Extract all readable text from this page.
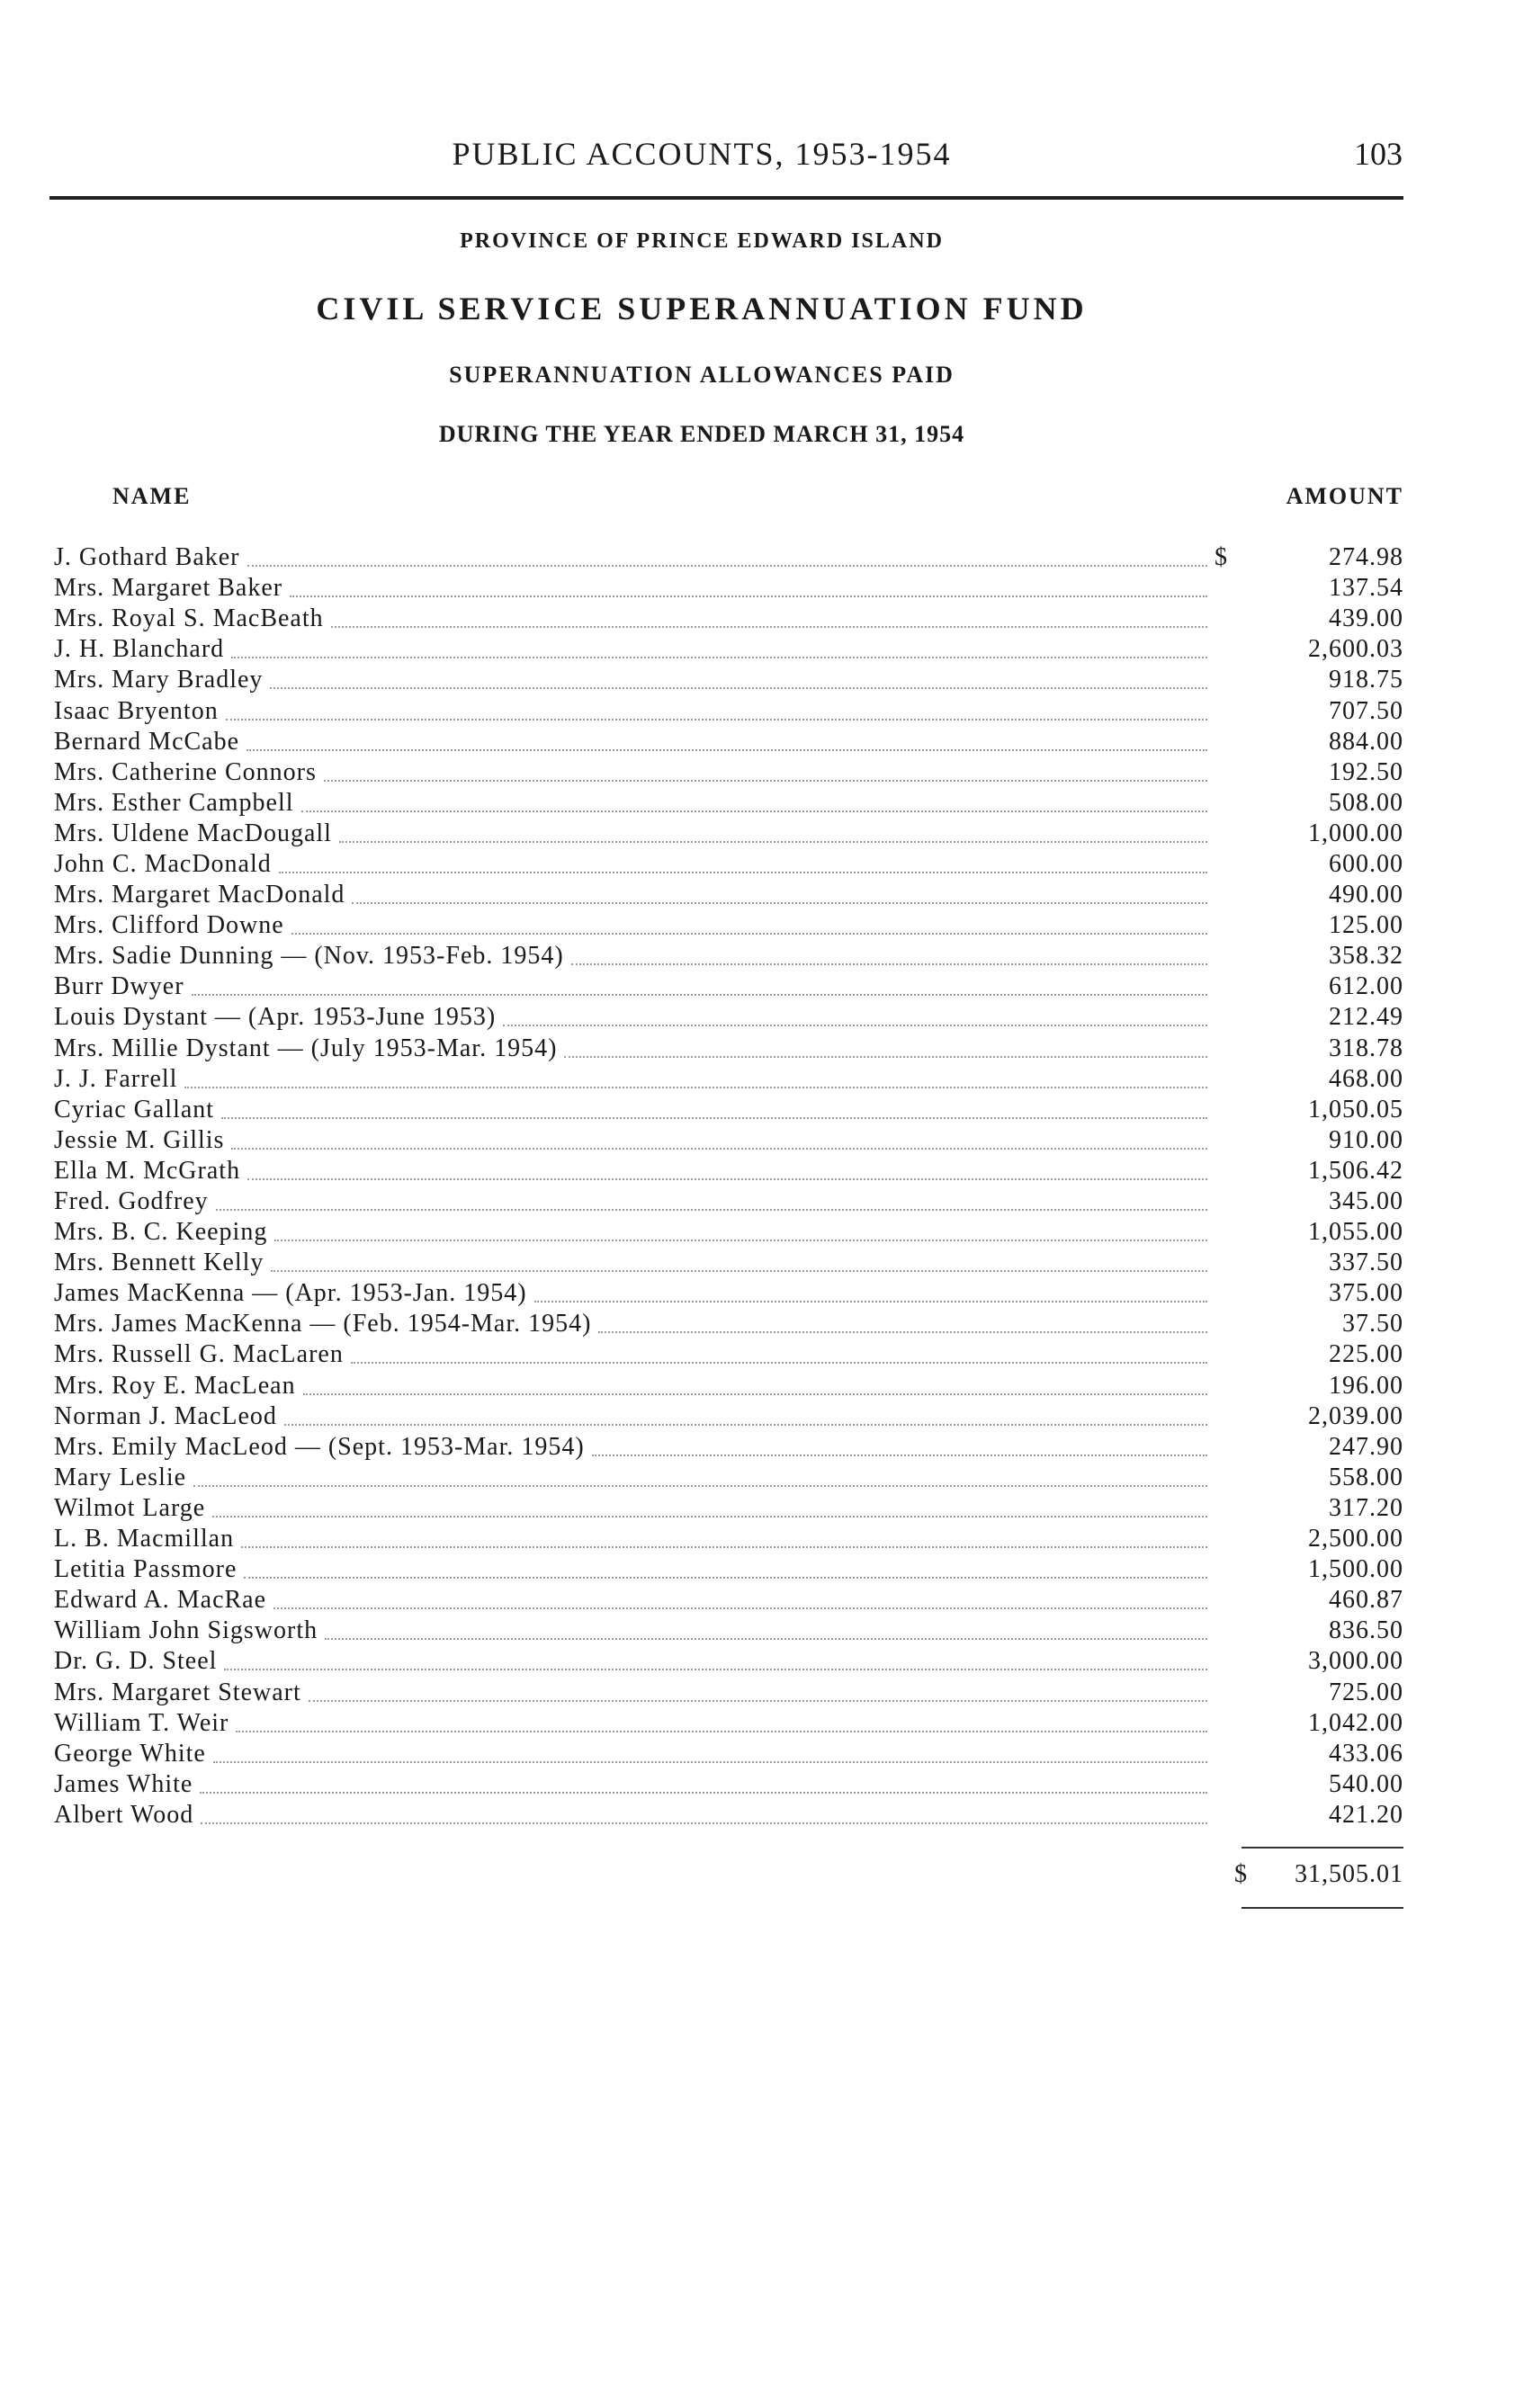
PUBLIC ACCOUNTS, 1953-1954	103
PROVINCE OF PRINCE EDWARD ISLAND
CIVIL SERVICE SUPERANNUATION FUND
SUPERANNUATION ALLOWANCES PAID
DURING THE YEAR ENDED MARCH 31, 1954
NAME	AMOUNT
J. Gothard Baker	$	274.98
Mrs. Margaret Baker	137.54
Mrs. Royal S. MacBeath	439.00
J. H. Blanchard	2,600.03
Mrs. Mary Bradley	918.75
Isaac Bryenton	707.50
Bernard McCabe	884.00
Mrs. Catherine Connors	192.50
Mrs. Esther Campbell	508.00
Mrs. Uldene MacDougall	1,000.00
John C. MacDonald	600.00
Mrs. Margaret MacDonald	490.00
Mrs. Clifford Downe	125.00
Mrs. Sadie Dunning — (Nov. 1953-Feb. 1954)	358.32
Burr Dwyer	612.00
Louis Dystant — (Apr. 1953-June 1953)	212.49
Mrs. Millie Dystant — (July 1953-Mar. 1954)	318.78
J. J. Farrell	468.00
Cyriac Gallant	1,050.05
Jessie M. Gillis	910.00
Ella M. McGrath	1,506.42
Fred. Godfrey	345.00
Mrs. B. C. Keeping	1,055.00
Mrs. Bennett Kelly	337.50
James MacKenna — (Apr. 1953-Jan. 1954)	375.00
Mrs. James MacKenna — (Feb. 1954-Mar. 1954)	37.50
Mrs. Russell G. MacLaren	225.00
Mrs. Roy E. MacLean	196.00
Norman J. MacLeod	2,039.00
Mrs. Emily MacLeod — (Sept. 1953-Mar. 1954)	247.90
Mary Leslie	558.00
Wilmot Large	317.20
L. B. Macmillan	2,500.00
Letitia Passmore	1,500.00
Edward A. MacRae	460.87
William John Sigsworth	836.50
Dr. G. D. Steel	3,000.00
Mrs. Margaret Stewart	725.00
William T. Weir	1,042.00
George White	433.06
James White	540.00
Albert Wood	421.20
$	31,505.01
